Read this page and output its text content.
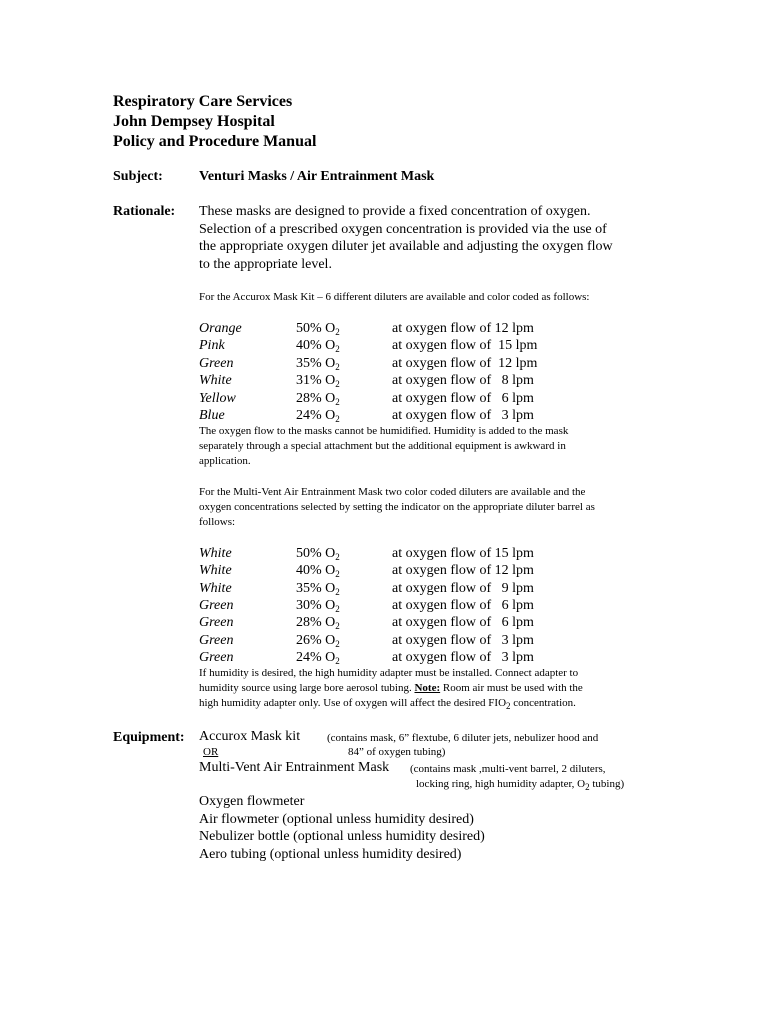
Respiratory Care Services
John Dempsey Hospital
Policy and Procedure Manual
Subject:	Venturi Masks / Air Entrainment Mask
Rationale: These masks are designed to provide a fixed concentration of oxygen.
Selection of a prescribed oxygen concentration is provided via the use of
the appropriate oxygen diluter jet available and adjusting the oxygen flow
to the appropriate level.
For the Accurox Mask Kit – 6 different diluters are available and color coded as follows:
Orange	50% $O_2$	at oxygen flow of 12 lpm
Pink	40% $O_2$	at oxygen flow of  15 lpm
Green	35% $O_2$	at oxygen flow of  12 lpm
White	31% $O_2$	at oxygen flow of   8 lpm
Yellow	28% $O_2$	at oxygen flow of   6 lpm
Blue	24% $O_2$	at oxygen flow of   3 lpm
The oxygen flow to the masks cannot be humidified. Humidity is added to the mask
separately through a special attachment but the additional equipment is awkward in
application.
For the Multi-Vent Air Entrainment Mask two color coded diluters are available and the
oxygen concentrations selected by setting the indicator on the appropriate diluter barrel as
follows:
White	50% $O_2$	at oxygen flow of 15 lpm
White	40% $O_2$	at oxygen flow of 12 lpm
White	35% $O_2$	at oxygen flow of   9 lpm
Green	30% $O_2$	at oxygen flow of   6 lpm
Green	28% $O_2$	at oxygen flow of   6 lpm
Green	26% $O_2$	at oxygen flow of   3 lpm
Green	24% $O_2$	at oxygen flow of   3 lpm
If humidity is desired, the high humidity adapter must be installed. Connect adapter to
humidity source using large bore aerosol tubing. Note: Room air must be used with the
high humidity adapter only. Use of oxygen will affect the desired $FIO_2$ concentration.
Equipment: Accurox Mask kit (contains mask, 6” flextube, 6 diluter jets, nebulizer hood and
OR	84” of oxygen tubing)
Multi-Vent Air Entrainment Mask (contains mask ,multi-vent barrel, 2 diluters,
locking ring, high humidity adapter, $O_2$ tubing)
Oxygen flowmeter
Air flowmeter (optional unless humidity desired)
Nebulizer bottle (optional unless humidity desired)
Aero tubing (optional unless humidity desired)
